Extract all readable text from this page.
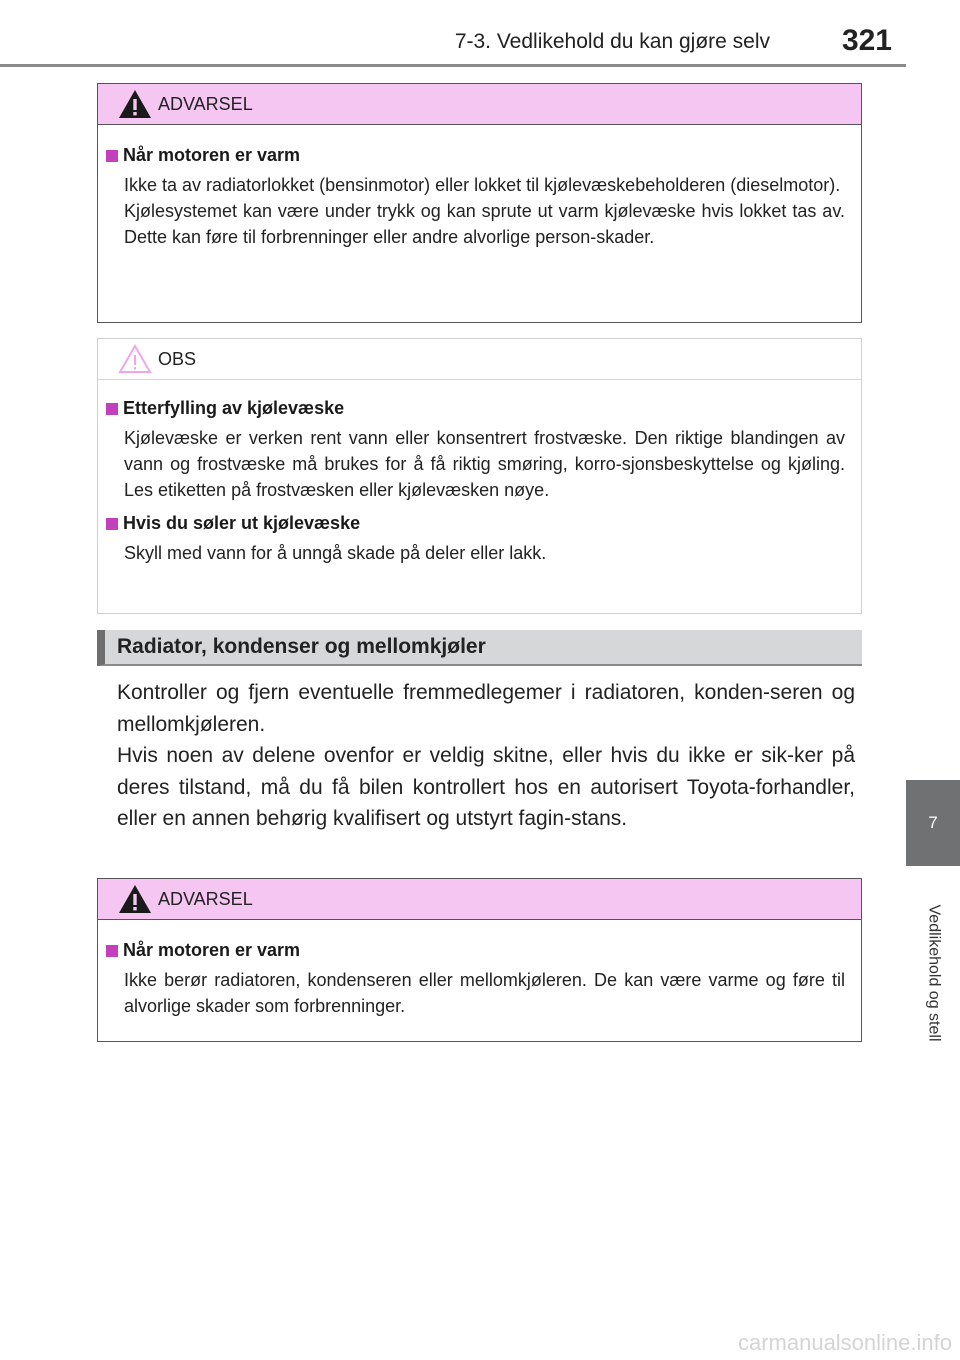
7-3. Vedlikehold du kan gjøre selv	321
7
Vedlikehold og stell
ADVARSEL
Når motoren er varm

Ikke ta av radiatorlokket (bensinmotor) eller lokket til kjølevæskebeholderen (dieselmotor).

Kjølesystemet kan være under trykk og kan sprute ut varm kjølevæske hvis lokket tas av. Dette kan føre til forbrenninger eller andre alvorlige person-skader.

OBS
Etterfylling av kjølevæske

Kjølevæske er verken rent vann eller konsentrert frostvæske. Den riktige blandingen av vann og frostvæske må brukes for å få riktig smøring, korro-sjonsbeskyttelse og kjøling. Les etiketten på frostvæsken eller kjølevæsken nøye.

Hvis du søler ut kjølevæske

Skyll med vann for å unngå skade på deler eller lakk.

Radiator, kondenser og mellomkjøler

Kontroller og fjern eventuelle fremmedlegemer i radiatoren, konden-seren og mellomkjøleren.

Hvis noen av delene ovenfor er veldig skitne, eller hvis du ikke er sik-ker på deres tilstand, må du få bilen kontrollert hos en autorisert Toyota-forhandler, eller en annen behørig kvalifisert og utstyrt fagin-stans.

ADVARSEL
Når motoren er varm

Ikke berør radiatoren, kondenseren eller mellomkjøleren. De kan være varme og føre til alvorlige skader som forbrenninger.

carmanualsonline.info
